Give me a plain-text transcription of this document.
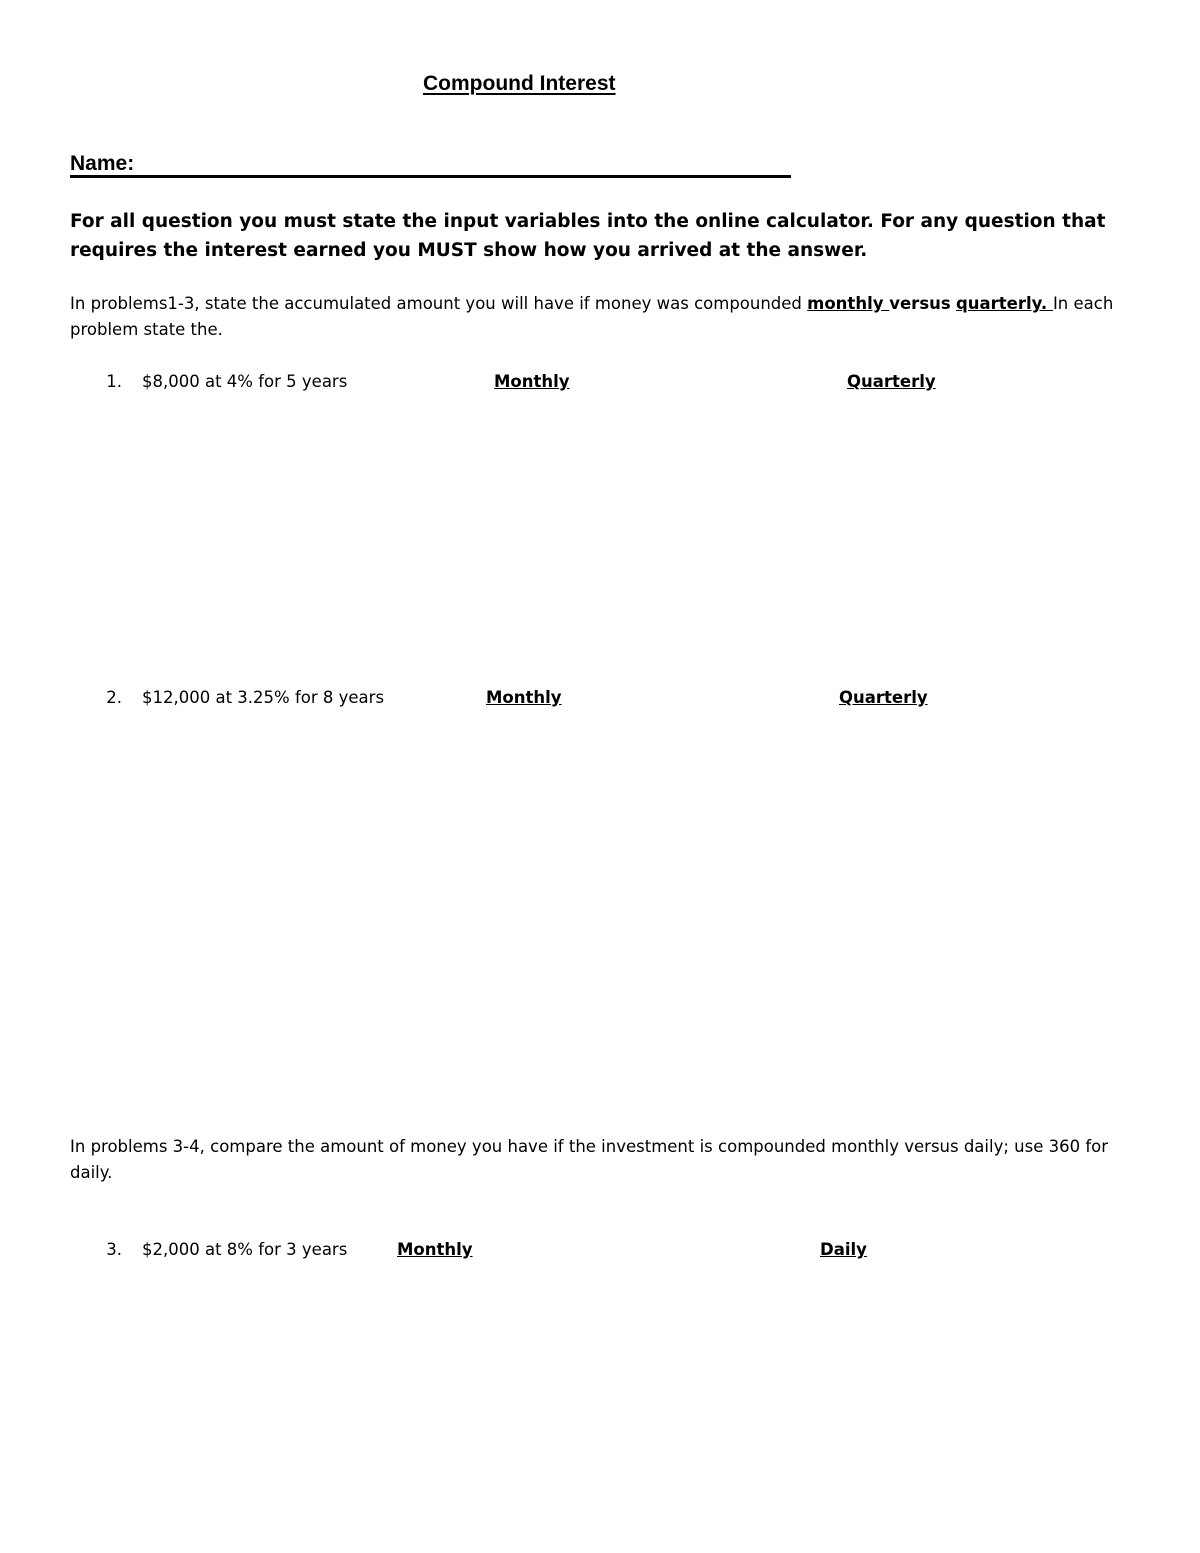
Compound Interest
Name:
For all question you must state the input variables into the online calculator. For any question that requires the interest earned you MUST show how you arrived at the answer.
In problems1-3, state the accumulated amount you will have if money was compounded monthly versus quarterly. In each problem state the.
1. $8,000 at 4% for 5 years	Monthly	Quarterly
2. $12,000 at 3.25% for 8 years	Monthly	Quarterly
In problems 3-4, compare the amount of money you have if the investment is compounded monthly versus daily; use 360 for daily.
3. $2,000 at 8% for 3 years	Monthly	Daily
